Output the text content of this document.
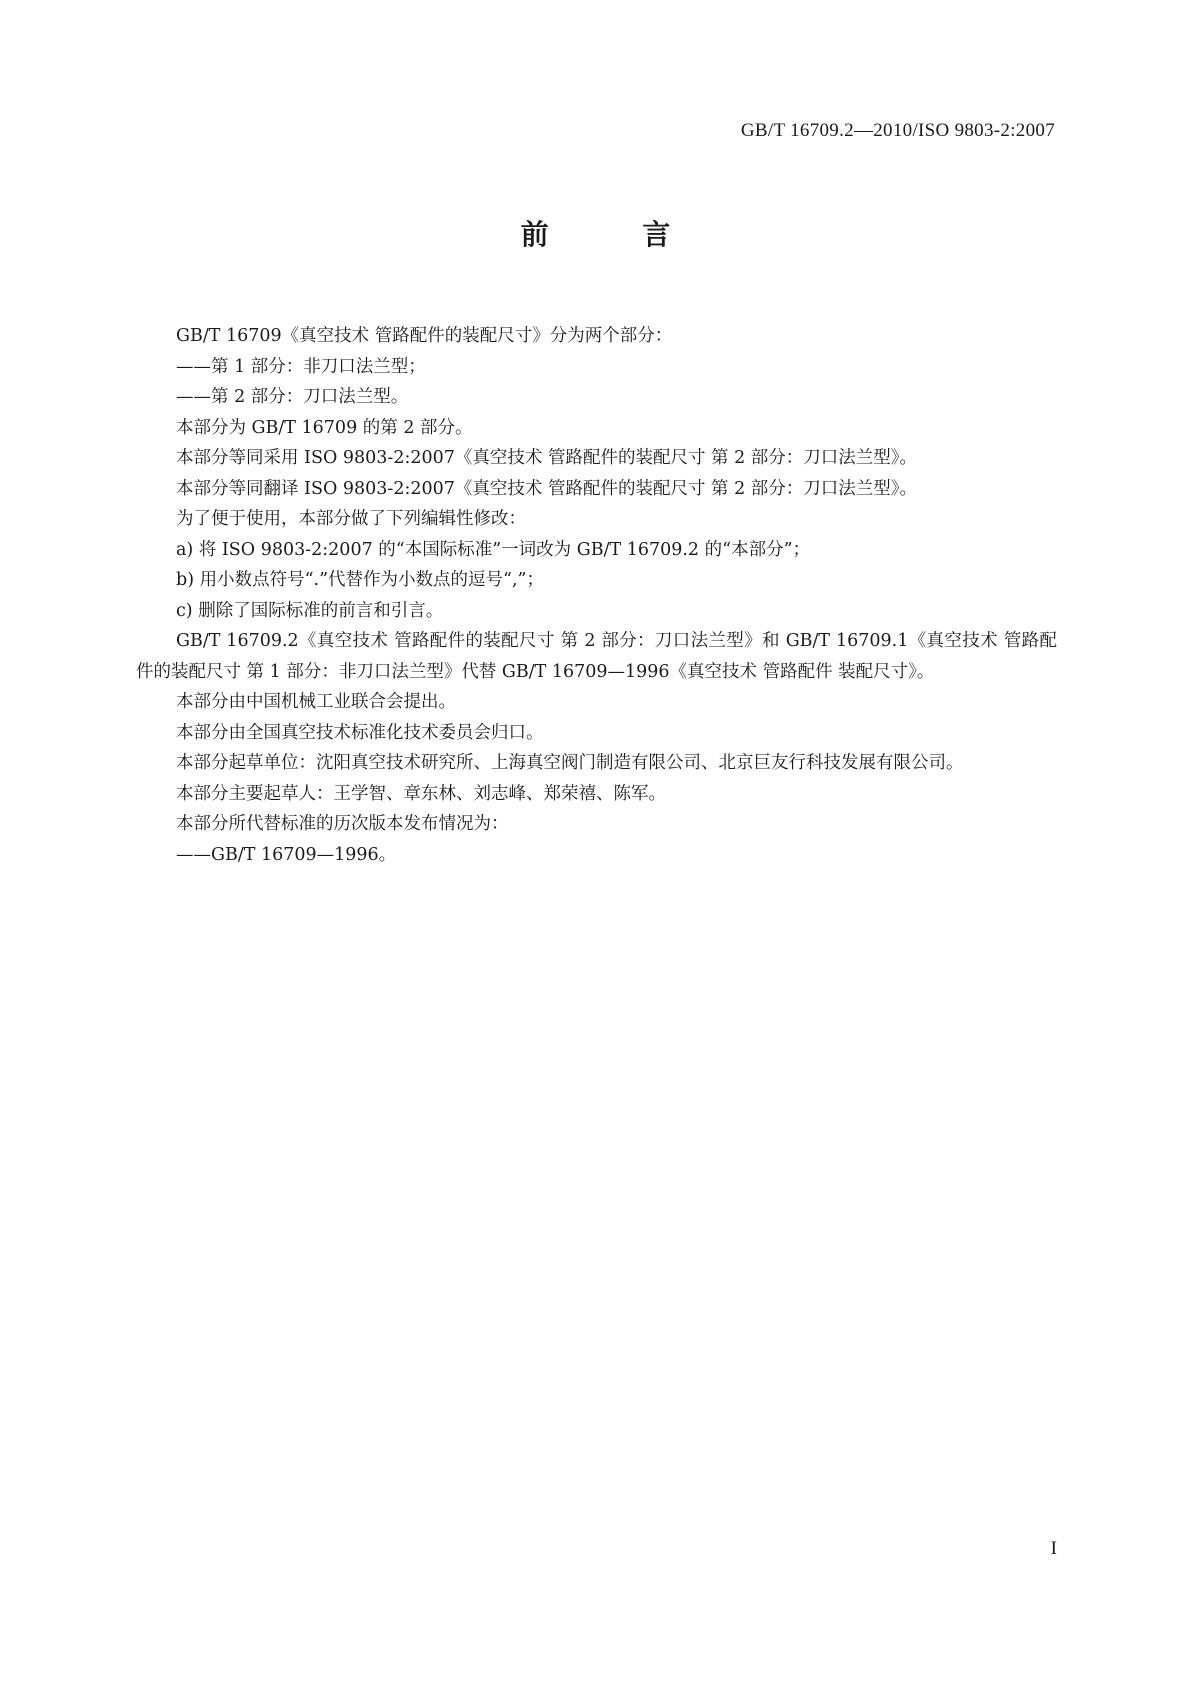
GB/T 16709.2—2010/ISO 9803-2:2007
前 言

GB/T 16709《真空技术 管路配件的装配尺寸》分为两个部分：

——第 1 部分：非刀口法兰型；

——第 2 部分：刀口法兰型。

本部分为 GB/T 16709 的第 2 部分。

本部分等同采用 ISO 9803-2:2007《真空技术 管路配件的装配尺寸 第 2 部分：刀口法兰型》。

本部分等同翻译 ISO 9803-2:2007《真空技术 管路配件的装配尺寸 第 2 部分：刀口法兰型》。

为了便于使用，本部分做了下列编辑性修改：

a) 将 ISO 9803-2:2007 的“本国际标准”一词改为 GB/T 16709.2 的“本部分”；

b) 用小数点符号“.”代替作为小数点的逗号“,”；

c) 删除了国际标准的前言和引言。

GB/T 16709.2《真空技术 管路配件的装配尺寸 第 2 部分：刀口法兰型》和 GB/T 16709.1《真空技术 管路配件的装配尺寸 第 1 部分：非刀口法兰型》代替 GB/T 16709—1996《真空技术 管路配件 装配尺寸》。

本部分由中国机械工业联合会提出。

本部分由全国真空技术标准化技术委员会归口。

本部分起草单位：沈阳真空技术研究所、上海真空阀门制造有限公司、北京巨友行科技发展有限公司。

本部分主要起草人：王学智、章东林、刘志峰、郑荣禧、陈军。

本部分所代替标准的历次版本发布情况为：

——GB/T 16709—1996。

I
